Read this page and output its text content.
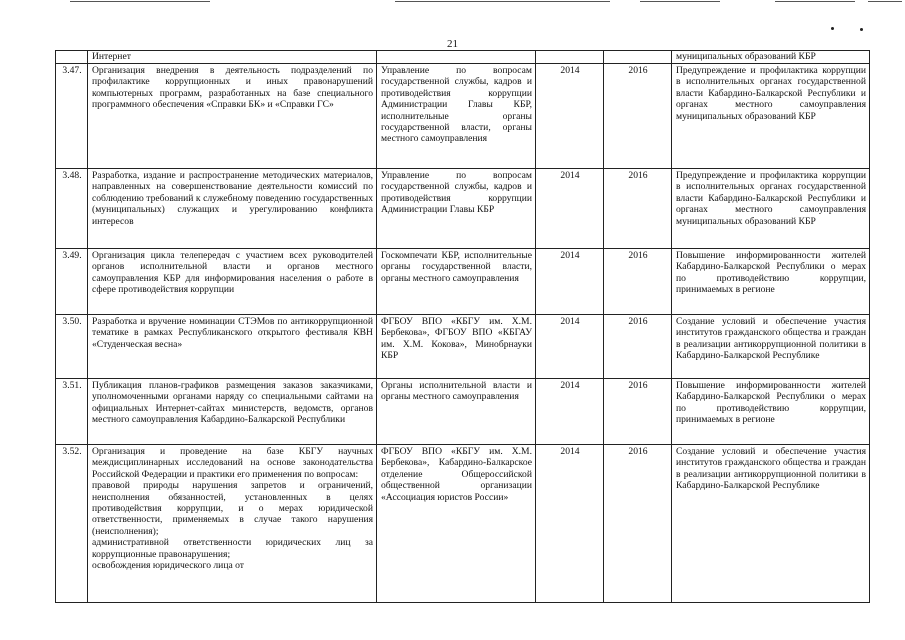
21
	Интернет				муниципальных образований КБР
3.47.	Организация внедрения в деятельность подразделений по профилактике коррупционных и иных правонарушений компьютерных программ, разработанных на базе специального программного обеспечения «Справки БК» и «Справки ГС»	Управление по вопросам государственной службы, кадров и противодействия коррупции Администрации Главы КБР, исполнительные органы государственной власти, органы местного самоуправления	2014	2016	Предупреждение и профилактика коррупции в исполнительных органах государственной власти Кабардино-Балкарской Республики и органах местного самоуправления муниципальных образований КБР
3.48.	Разработка, издание и распространение методических материалов, направленных на совершенствование деятельности комиссий по соблюдению требований к служебному поведению государственных (муниципальных) служащих и урегулированию конфликта интересов	Управление по вопросам государственной службы, кадров и противодействия коррупции Администрации Главы КБР	2014	2016	Предупреждение и профилактика коррупции в исполнительных органах государственной власти Кабардино-Балкарской Республики и органах местного самоуправления муниципальных образований КБР
3.49.	Организация цикла телепередач с участием всех руководителей органов исполнительной власти и органов местного самоуправления КБР для информирования населения о работе в сфере противодействия коррупции	Госкомпечати КБР, исполнительные органы государственной власти, органы местного самоуправления	2014	2016	Повышение информированности жителей Кабардино-Балкарской Республики о мерах по противодействию коррупции, принимаемых в регионе
3.50.	Разработка и вручение номинации СТЭМов по антикоррупционной тематике в рамках Республиканского открытого фестиваля КВН «Студенческая весна»	ФГБОУ ВПО «КБГУ им. Х.М. Бербекова», ФГБОУ ВПО «КБГАУ им. Х.М. Кокова», Минобрнауки КБР	2014	2016	Создание условий и обеспечение участия институтов гражданского общества и граждан в реализации антикоррупционной политики в Кабардино-Балкарской Республике
3.51.	Публикация планов-графиков размещения заказов заказчиками, уполномоченными органами наряду со специальными сайтами на официальных Интернет-сайтах министерств, ведомств, органов местного самоуправления Кабардино-Балкарской Республики	Органы исполнительной власти и органы местного самоуправления	2014	2016	Повышение информированности жителей Кабардино-Балкарской Республики о мерах по противодействию коррупции, принимаемых в регионе
3.52.	Организация и проведение на базе КБГУ научных междисциплинарных исследований на основе законодательства Российской Федерации и практики его применения по вопросам:
правовой природы нарушения запретов и ограничений, неисполнения обязанностей, установленных в целях противодействия коррупции, и о мерах юридической ответственности, применяемых в случае такого нарушения (неисполнения);
административной ответственности юридических лиц за коррупционные правонарушения;
освобождения юридического лица от	ФГБОУ ВПО «КБГУ им. Х.М. Бербекова», Кабардино-Балкарское отделение Общероссийской общественной организации «Ассоциация юристов России»	2014	2016	Создание условий и обеспечение участия институтов гражданского общества и граждан в реализации антикоррупционной политики в Кабардино-Балкарской Республике
